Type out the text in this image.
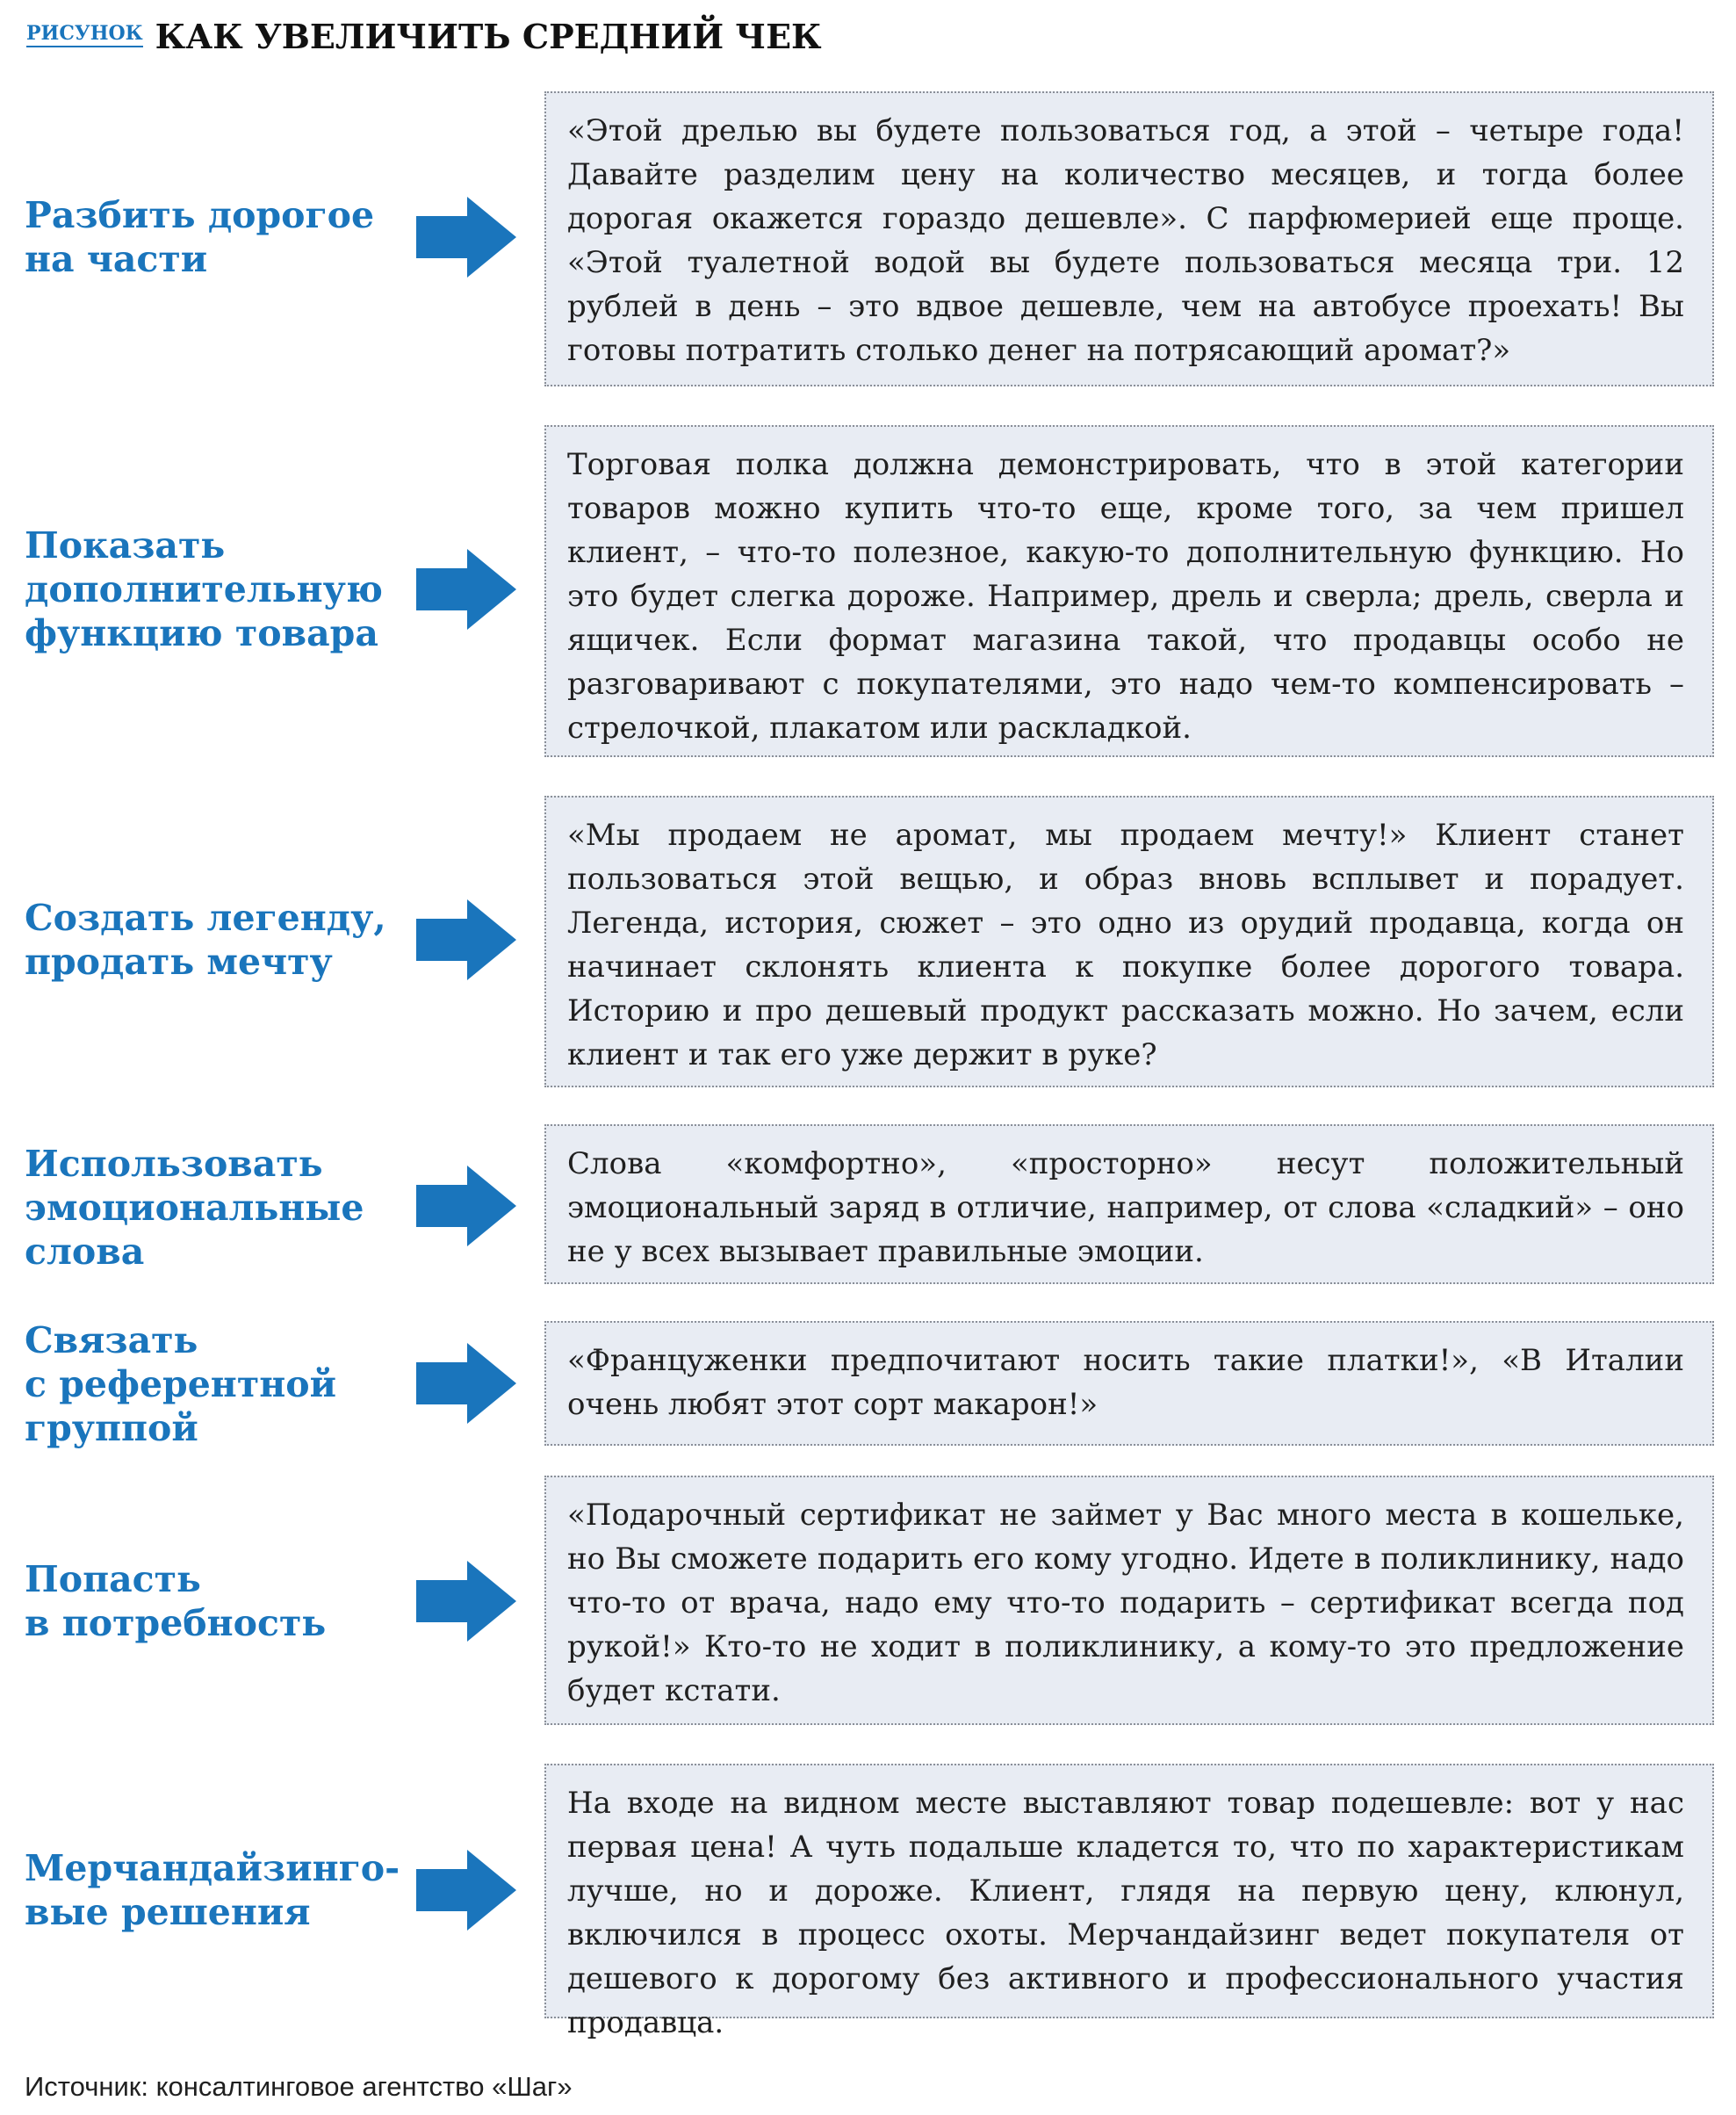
РИСУНОК КАК УВЕЛИЧИТЬ СРЕДНИЙ ЧЕК
Разбить дорогое
на части
«Этой дрелью вы будете пользоваться год, а этой – четыре года! Давайте разделим цену на количество месяцев, и тогда более дорогая окажется гораздо дешевле». С парфюмерией еще проще. «Этой туалетной водой вы будете пользоваться месяца три. 12 рублей в день – это вдвое дешевле, чем на автобусе проехать! Вы готовы потратить столько денег на потрясающий аромат?»
Показать
дополнительную
функцию товара
Торговая полка должна демонстрировать, что в этой категории товаров можно купить что-то еще, кроме того, за чем пришел клиент, – что-то полезное, какую-то дополнительную функцию. Но это будет слегка дороже. Например, дрель и сверла; дрель, сверла и ящичек. Если формат магазина такой, что продавцы особо не разговаривают с покупателями, это надо чем-то компенсировать – стрелочкой, плакатом или раскладкой.
Создать легенду,
продать мечту
«Мы продаем не аромат, мы продаем мечту!» Клиент станет пользоваться этой вещью, и образ вновь всплывет и порадует. Легенда, история, сюжет – это одно из орудий продавца, когда он начинает склонять клиента к покупке более дорогого товара. Историю и про дешевый продукт рассказать можно. Но зачем, если клиент и так его уже держит в руке?
Использовать
эмоциональные
слова
Слова «комфортно», «просторно» несут положительный эмоциональный заряд в отличие, например, от слова «сладкий» – оно не у всех вызывает правильные эмоции.
Связать
с референтной
группой
«Француженки предпочитают носить такие платки!», «В Италии очень любят этот сорт макарон!»
Попасть
в потребность
«Подарочный сертификат не займет у Вас много места в кошельке, но Вы сможете подарить его кому угодно. Идете в поликлинику, надо что-то от врача, надо ему что-то подарить – сертификат всегда под рукой!» Кто-то не ходит в поликлинику, а кому-то это предложение будет кстати.
Мерчандайзинго-
вые решения
На входе на видном месте выставляют товар подешевле: вот у нас первая цена! А чуть подальше кладется то, что по характеристикам лучше, но и дороже. Клиент, глядя на первую цену, клюнул, включился в процесс охоты. Мерчандайзинг ведет покупателя от дешевого к дорогому без активного и профессионального участия продавца.
Источник: консалтинговое агентство «Шаг»
